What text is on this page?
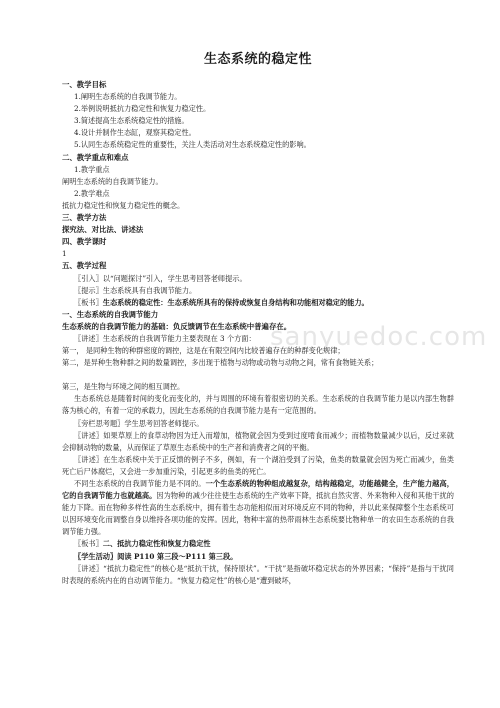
sanyuedoc.com
生态系统的稳定性
一、教学目标
1.阐明生态系统的自我调节能力。
2.举例说明抵抗力稳定性和恢复力稳定性。
3.简述提高生态系统稳定性的措施。
4.设计并制作生态缸，观察其稳定性。
5.认同生态系统稳定性的重要性，关注人类活动对生态系统稳定性的影响。
二、教学重点和难点
1.教学重点
阐明生态系统的自我调节能力。
2.教学难点
抵抗力稳定性和恢复力稳定性的概念。
三、教学方法
探究法、对比法、讲述法
四、教学课时
1
五、教学过程
〖引入〗以“问题探讨”引入，学生思考回答老师提示。
〖提示〗生态系统具有自我调节能力。
〖板书〗生态系统的稳定性：生态系统所具有的保持或恢复自身结构和功能相对稳定的能力。
一、生态系统的自我调节能力
生态系统的自我调节能力的基础：负反馈调节在生态系统中普遍存在。
〖讲述〗生态系统的自我调节能力主要表现在 3 个方面：
第一， 是同种生物的种群密度的调控，这是在有限空间内比较普遍存在的种群变化规律；
第二，是异种生物种群之间的数量调控，多出现于植物与动物或动物与动物之间，常有食物链关系；
第三，是生物与环境之间的相互调控。
生态系统总是随着时间的变化而变化的，并与周围的环境有着很密切的关系。生态系统的自我调节能力是以内部生物群落为核心的，有着一定的承载力，因此生态系统的自我调节能力是有一定范围的。
〖旁栏思考题〗学生思考回答老师提示。
〖讲述〗如果草原上的食草动物因为迁入而增加，植物就会因为受到过度啃食而减少；而植物数量减少以后，反过来就会抑制动物的数量，从而保证了草原生态系统中的生产者和消费者之间的平衡。
〖讲述〗在生态系统中关于正反馈的例子不多，例如，有一个湖泊受到了污染，鱼类的数量就会因为死亡而减少，鱼类死亡后尸体腐烂，又会进一步加重污染，引起更多的鱼类的死亡。
不同生态系统的自我调节能力是不同的。一个生态系统的物种组成越复杂，结构越稳定，功能越健全，生产能力越高，它的自我调节能力也就越高。因为物种的减少往往使生态系统的生产效率下降，抵抗自然灾害、外来物种入侵和其他干扰的能力下降。而在物种多样性高的生态系统中，拥有着生态功能相似而对环境反应不同的物种，并以此来保障整个生态系统可以因环境变化而调整自身以维持各项功能的发挥。因此，物种丰富的热带雨林生态系统要比物种单一的农田生态系统的自我调节能力强。
〖板书〗二、抵抗力稳定性和恢复力稳定性
〖学生活动〗阅读 P110 第三段～P111 第三段。
〖讲述〗“抵抗力稳定性”的核心是“抵抗干扰，保持原状”。“干扰”是指破坏稳定状态的外界因素；“保持”是指与干扰同时表现的系统内在的自动调节能力。“恢复力稳定性”的核心是“遭到破坏，
